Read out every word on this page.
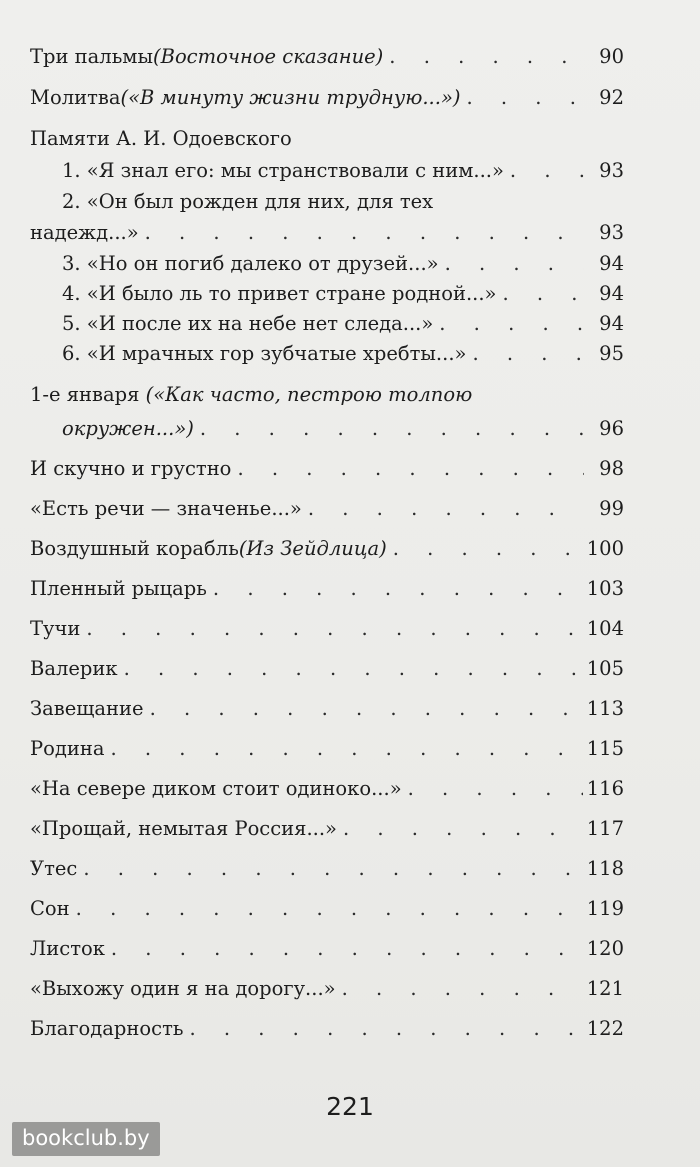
Три пальмы (Восточное сказание) . . .	90
Молитва («В минуту жизни трудную...») . . .	92
Памяти А. И. Одоевского
1. «Я знал его: мы странствовали с ним...» . . .	93
2. «Он был рожден для них, для тех
надежд...» . . .	93
3. «Но он погиб далеко от друзей...» . . .	94
4. «И было ль то привет стране родной...» . . .	94
5. «И после их на небе нет следа...» . . .	94
6. «И мрачных гор зубчатые хребты...» . . .	95
1-е января («Как часто, пестрою толпою
окружен...») . . .	96
И скучно и грустно . . .	98
«Есть речи — значенье...» . . .	99
Воздушный корабль (Из Зейдлица) . . .	100
Пленный рыцарь . . .	103
Тучи . . .	104
Валерик . . .	105
Завещание . . .	113
Родина . . .	115
«На севере диком стоит одиноко...» . . .	116
«Прощай, немытая Россия...» . . .	117
Утес . . .	118
Сон . . .	119
Листок . . .	120
«Выхожу один я на дорогу...» . . .	121
Благодарность . . .	122
221
bookclub.by
